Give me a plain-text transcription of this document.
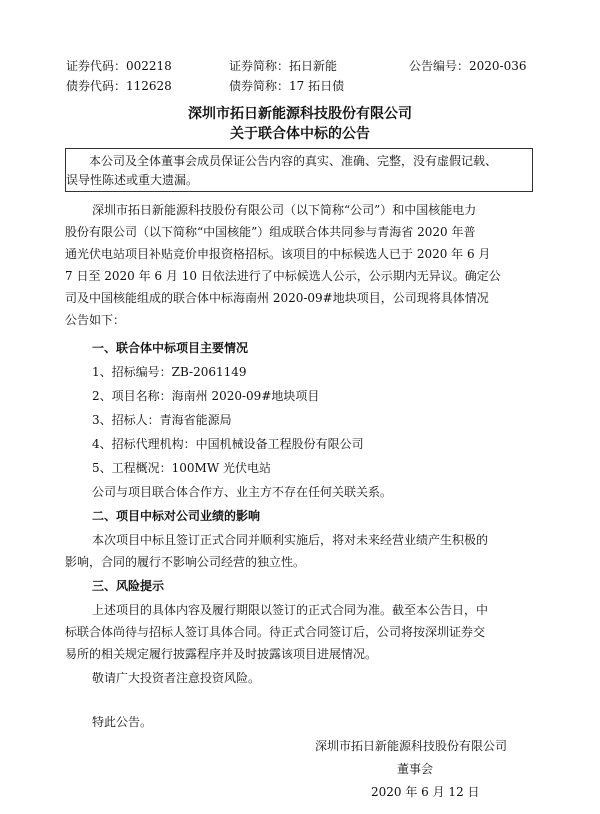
证券代码：002218	证券简称：拓日新能	公告编号：2020-036
债券代码：112628	债券简称：17 拓日债
深圳市拓日新能源科技股份有限公司
关于联合体中标的公告
本公司及全体董事会成员保证公告内容的真实、准确、完整，没有虚假记载、
误导性陈述或重大遗漏。
深圳市拓日新能源科技股份有限公司（以下简称“公司”）和中国核能电力
股份有限公司（以下简称“中国核能”）组成联合体共同参与青海省 2020 年普
通光伏电站项目补贴竞价申报资格招标。该项目的中标候选人已于 2020 年 6 月
7 日至 2020 年 6 月 10 日依法进行了中标候选人公示，公示期内无异议。确定公
司及中国核能组成的联合体中标海南州 2020-09#地块项目，公司现将具体情况
公告如下：
一、联合体中标项目主要情况
1、招标编号：ZB-2061149
2、项目名称：海南州 2020-09#地块项目
3、招标人：青海省能源局
4、招标代理机构：中国机械设备工程股份有限公司
5、工程概况：100MW 光伏电站
公司与项目联合体合作方、业主方不存在任何关联关系。
二、项目中标对公司业绩的影响
本次项目中标且签订正式合同并顺利实施后，将对未来经营业绩产生积极的
影响，合同的履行不影响公司经营的独立性。
三、风险提示
上述项目的具体内容及履行期限以签订的正式合同为准。截至本公告日，中
标联合体尚待与招标人签订具体合同。待正式合同签订后，公司将按深圳证券交
易所的相关规定履行披露程序并及时披露该项目进展情况。
敬请广大投资者注意投资风险。
特此公告。
深圳市拓日新能源科技股份有限公司
董事会
2020 年 6 月 12 日
